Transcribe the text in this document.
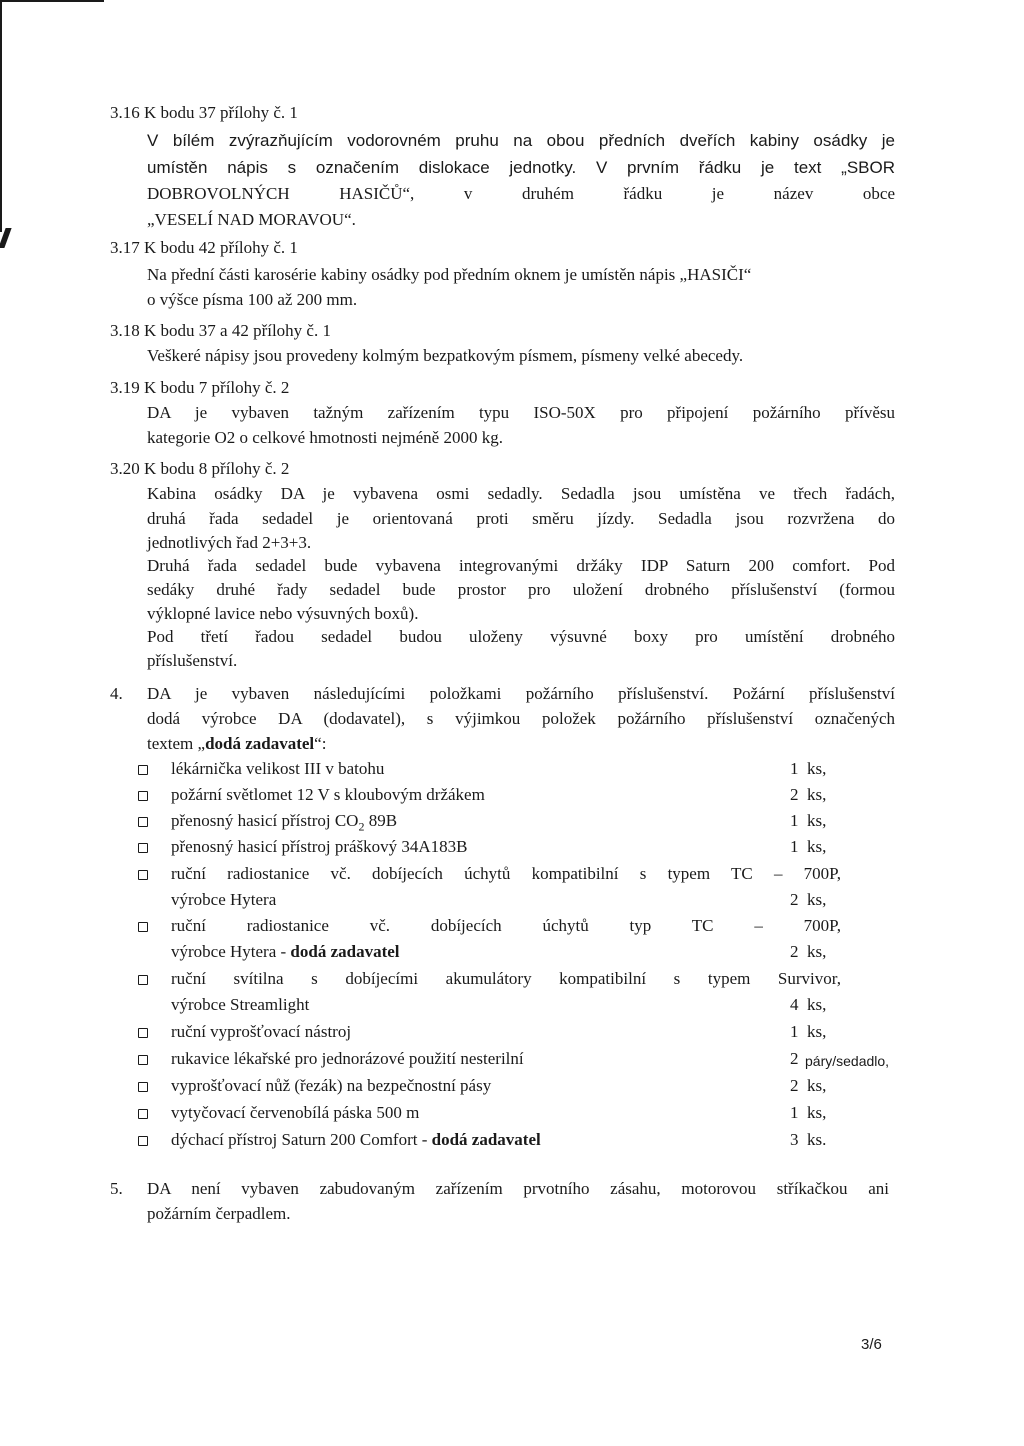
3.16 K bodu 37 přílohy č. 1
V bílém zvýrazňujícím vodorovném pruhu na obou předních dveřích kabiny osádky je
umístěn nápis s označením dislokace jednotky. V prvním řádku je text „SBOR
DOBROVOLNÝCH HASIČŮ“, v druhém řádku je název obce
„VESELÍ NAD MORAVOU“.
3.17 K bodu 42 přílohy č. 1
Na přední části karosérie kabiny osádky pod předním oknem je umístěn nápis „HASIČI“
o výšce písma 100 až 200 mm.
3.18 K bodu 37 a 42 přílohy č. 1
Veškeré nápisy jsou provedeny kolmým bezpatkovým písmem, písmeny velké abecedy.
3.19 K bodu 7 přílohy č. 2
DA je vybaven tažným zařízením typu ISO-50X pro připojení požárního přívěsu
kategorie O2 o celkové hmotnosti nejméně 2000 kg.
3.20 K bodu 8 přílohy č. 2
Kabina osádky DA je vybavena osmi sedadly. Sedadla jsou umístěna ve třech řadách,
druhá řada sedadel je orientovaná proti směru jízdy. Sedadla jsou rozvržena do
jednotlivých řad 2+3+3.
Druhá řada sedadel bude vybavena integrovanými držáky IDP Saturn 200 comfort. Pod
sedáky druhé řady sedadel bude prostor pro uložení drobného příslušenství (formou
výklopné lavice nebo výsuvných boxů).
Pod třetí řadou sedadel budou uloženy výsuvné boxy pro umístění drobného
příslušenství.
4. DA je vybaven následujícími položkami požárního příslušenství. Požární příslušenství
dodá výrobce DA (dodavatel), s výjimkou položek požárního příslušenství označených
textem „dodá zadavatel“:
lékárnička velikost III v batohu	1 ks,
požární světlomet 12 V s kloubovým držákem	2 ks,
přenosný hasicí přístroj $CO_2$ 89B	1 ks,
přenosný hasicí přístroj práškový 34A183B	1 ks,
ruční radiostanice vč. dobíjecích úchytů kompatibilní s typem TC – 700P,
výrobce Hytera	2 ks,
ruční radiostanice vč. dobíjecích úchytů typ TC – 700P,
výrobce Hytera - dodá zadavatel	2 ks,
ruční svítilna s dobíjecími akumulátory kompatibilní s typem Survivor,
výrobce Streamlight	4 ks,
ruční vyprošťovací nástroj	1 ks,
rukavice lékařské pro jednorázové použití nesterilní	2 páry/sedadlo,
vyprošťovací nůž (řezák) na bezpečnostní pásy	2 ks,
vytyčovací červenobílá páska 500 m	1 ks,
dýchací přístroj Saturn 200 Comfort - dodá zadavatel	3 ks.
5. DA není vybaven zabudovaným zařízením prvotního zásahu, motorovou stříkačkou ani
požárním čerpadlem.
3/6
